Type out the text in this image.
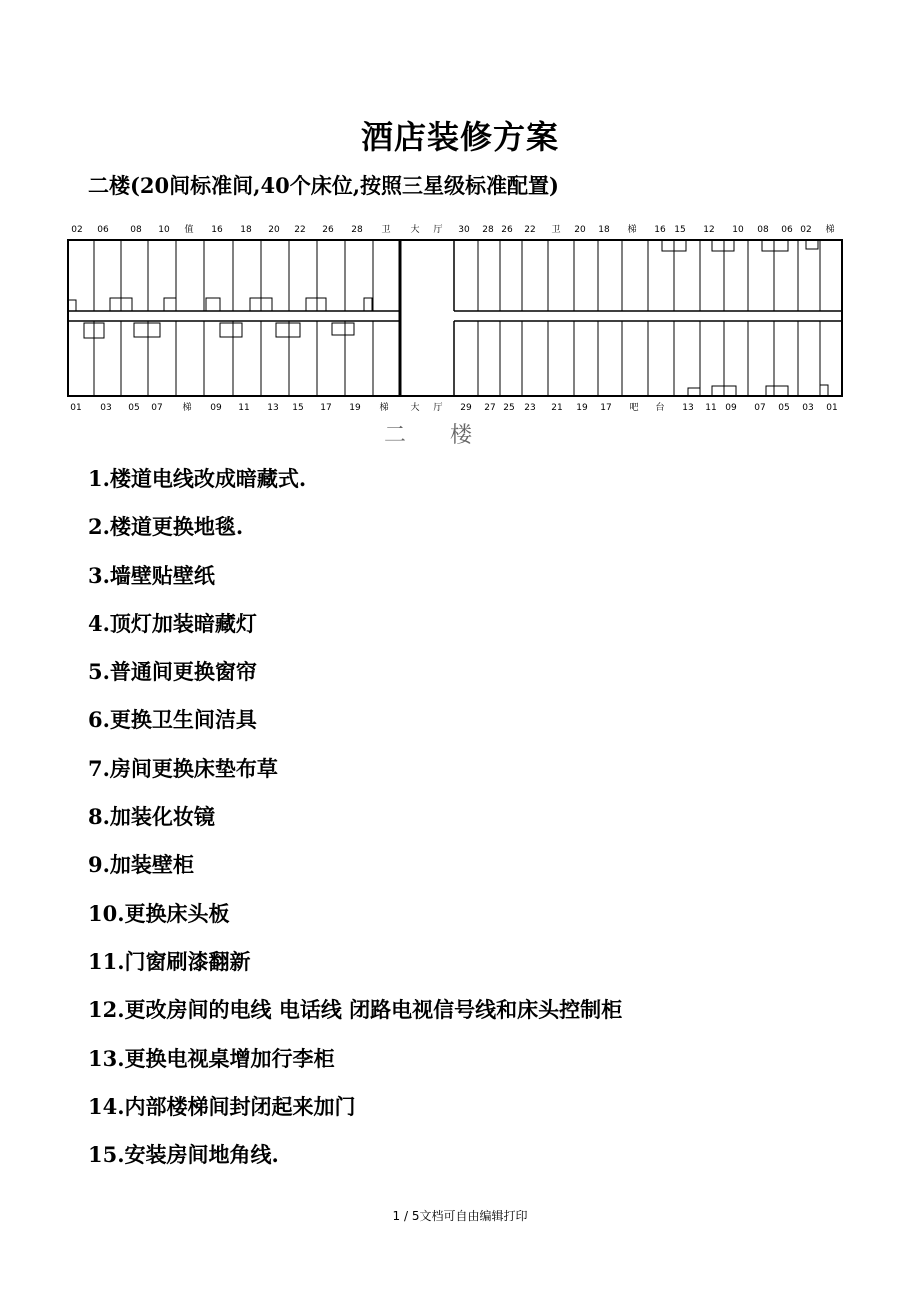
酒店装修方案
二楼(20间标准间,40个床位,按照三星级标准配置)
02 06 08 10 值 16 18 20 22 26 28 卫 大 厅 30 28 26 22 卫 20 18 梯 16 15 12 10 08 06 02 梯
01 03 05 07 梯 09 11 13 15 17 19 梯 大 厅 29 27 25 23 21 19 17 吧 台 13 11 09 07 05 03 01
二　　楼
1.楼道电线改成暗藏式.
2.楼道更换地毯.
3.墙壁贴壁纸
4.顶灯加装暗藏灯
5.普通间更换窗帘
6.更换卫生间洁具
7.房间更换床垫布草
8.加装化妆镜
9.加装壁柜
10.更换床头板
11.门窗刷漆翻新
12.更改房间的电线 电话线 闭路电视信号线和床头控制柜
13.更换电视桌增加行李柜
14.内部楼梯间封闭起来加门
15.安装房间地角线.
1 / 5文档可自由编辑打印
